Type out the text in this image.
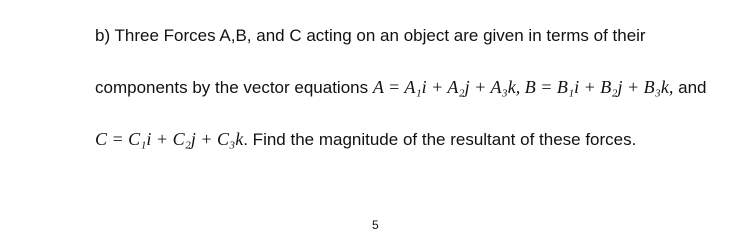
b) Three Forces A,B, and C acting on an object are given in terms of their
components by the vector equations A = A₁i + A₂j + A₃k, B = B₁i + B₂j + B₃k, and
C = C₁i + C₂j + C₃k. Find the magnitude of the resultant of these forces.
5
